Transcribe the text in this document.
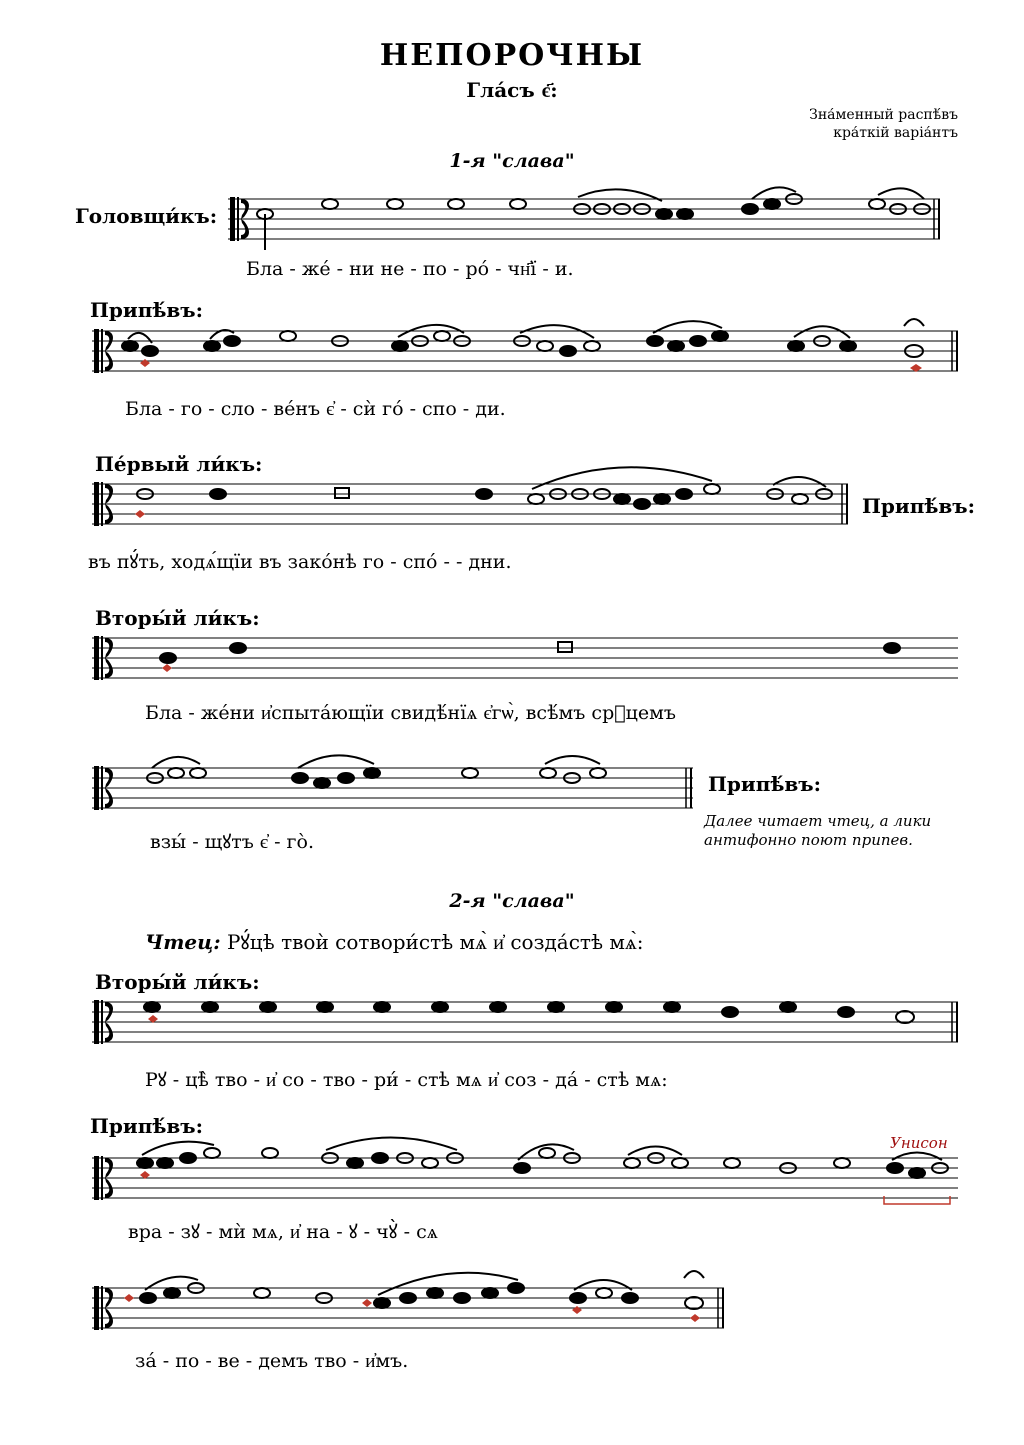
НЕПОРОЧНЫ
Гла́съ є҃:
Зна́менный распѣ́въ
кра́ткій варіа́нтъ
1-я "слава"
Головщи́къ:
Припѣ́въ:
Пе́рвый ли́къ:
Припѣ́въ:
Вторы́й ли́къ:
Припѣ́въ:
Вторы́й ли́къ:
Припѣ́въ:
Бла - же́ - ни не - по - ро́ - чн҃ї - и.
Бла - го - сло - ве́нъ є҆ - сѝ го́ - спо - ди.
въ пꙋ́ть, ходѧ́щїи въ зако́нѣ го - спо́ - - дни.
Бла - же́ни и҆спытáющїи свидѣ́нїѧ є҆гѡ̀, всѣ́мъ срⷣцемъ
взы́ - щꙋтъ є҆ - го̀.
Рꙋ - цѣ̀ тво - и҆ со - тво - ри́ - стѣ мѧ и҆ соз - да́ - стѣ мѧ:
вра - зꙋ - мѝ мѧ, и҆ на - ꙋ - чꙋ̀ - сѧ
за́ - по - ве - демъ тво - и҆мъ.
Далее читает чтец, а лики антифонно поют припев.
2-я "слава"
Чтец: Рꙋ́цѣ твоѝ сотвори́стѣ мѧ̀ и҆ созда́стѣ мѧ̀:
Унисон
